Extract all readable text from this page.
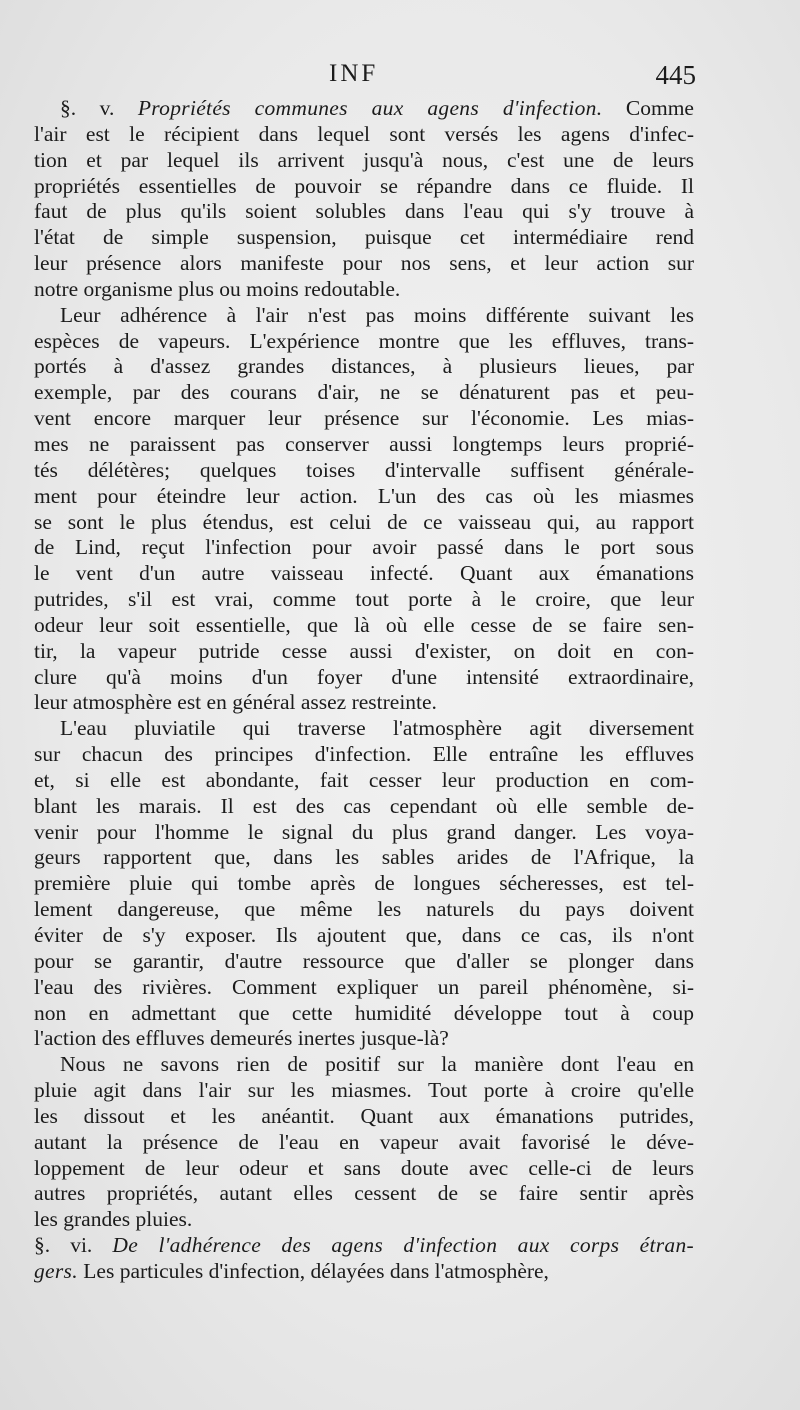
INF	445
§. v. Propriétés communes aux agens d'infection. Comme
l'air est le récipient dans lequel sont versés les agens d'infec-
tion et par lequel ils arrivent jusqu'à nous, c'est une de leurs
propriétés essentielles de pouvoir se répandre dans ce fluide. Il
faut de plus qu'ils soient solubles dans l'eau qui s'y trouve à
l'état de simple suspension, puisque cet intermédiaire rend
leur présence alors manifeste pour nos sens, et leur action sur
notre organisme plus ou moins redoutable.
Leur adhérence à l'air n'est pas moins différente suivant les
espèces de vapeurs. L'expérience montre que les effluves, trans-
portés à d'assez grandes distances, à plusieurs lieues, par
exemple, par des courans d'air, ne se dénaturent pas et peu-
vent encore marquer leur présence sur l'économie. Les mias-
mes ne paraissent pas conserver aussi longtemps leurs proprié-
tés délétères; quelques toises d'intervalle suffisent générale-
ment pour éteindre leur action. L'un des cas où les miasmes
se sont le plus étendus, est celui de ce vaisseau qui, au rapport
de Lind, reçut l'infection pour avoir passé dans le port sous
le vent d'un autre vaisseau infecté. Quant aux émanations
putrides, s'il est vrai, comme tout porte à le croire, que leur
odeur leur soit essentielle, que là où elle cesse de se faire sen-
tir, la vapeur putride cesse aussi d'exister, on doit en con-
clure qu'à moins d'un foyer d'une intensité extraordinaire,
leur atmosphère est en général assez restreinte.
L'eau pluviatile qui traverse l'atmosphère agit diversement
sur chacun des principes d'infection. Elle entraîne les effluves
et, si elle est abondante, fait cesser leur production en com-
blant les marais. Il est des cas cependant où elle semble de-
venir pour l'homme le signal du plus grand danger. Les voya-
geurs rapportent que, dans les sables arides de l'Afrique, la
première pluie qui tombe après de longues sécheresses, est tel-
lement dangereuse, que même les naturels du pays doivent
éviter de s'y exposer. Ils ajoutent que, dans ce cas, ils n'ont
pour se garantir, d'autre ressource que d'aller se plonger dans
l'eau des rivières. Comment expliquer un pareil phénomène, si-
non en admettant que cette humidité développe tout à coup
l'action des effluves demeurés inertes jusque-là?
Nous ne savons rien de positif sur la manière dont l'eau en
pluie agit dans l'air sur les miasmes. Tout porte à croire qu'elle
les dissout et les anéantit. Quant aux émanations putrides,
autant la présence de l'eau en vapeur avait favorisé le déve-
loppement de leur odeur et sans doute avec celle-ci de leurs
autres propriétés, autant elles cessent de se faire sentir après
les grandes pluies.
§. vi. De l'adhérence des agens d'infection aux corps étran-
gers. Les particules d'infection, délayées dans l'atmosphère,
